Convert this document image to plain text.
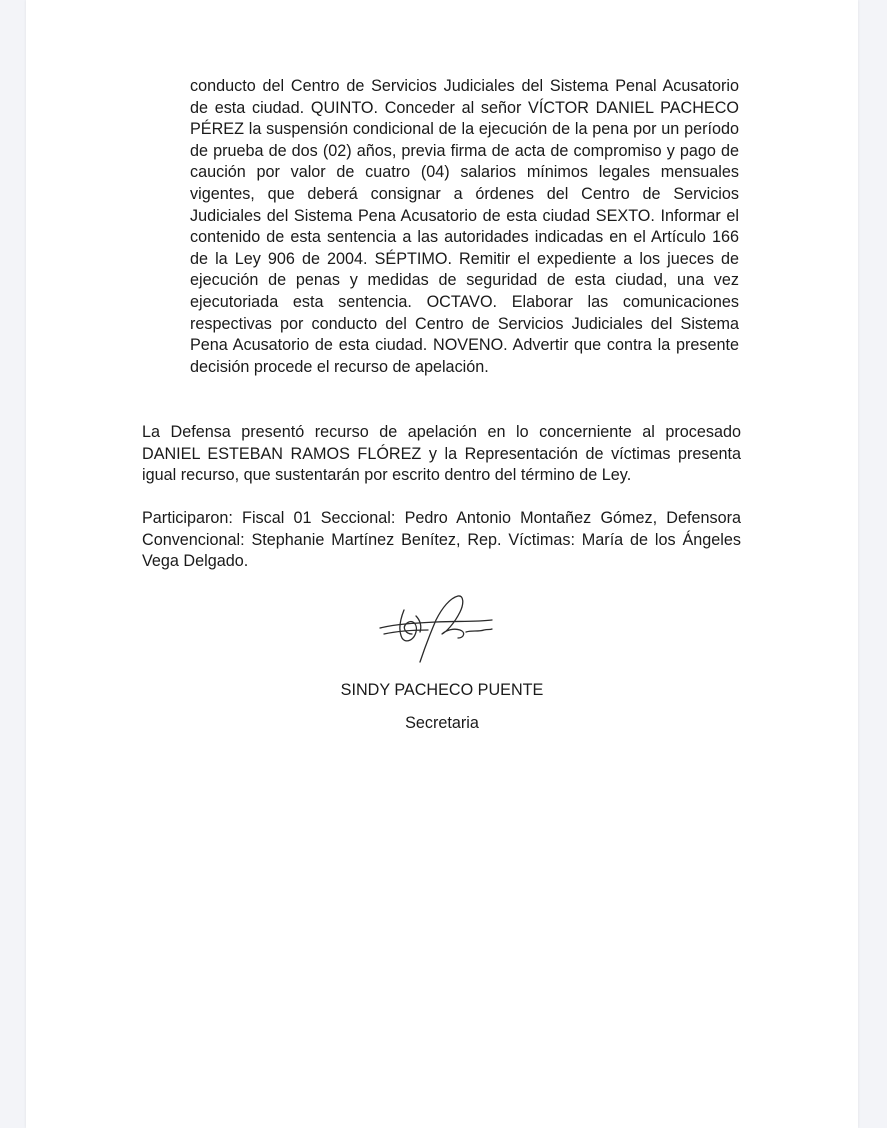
conducto del Centro de Servicios Judiciales del Sistema Penal Acusatorio de esta ciudad. QUINTO. Conceder al señor VÍCTOR DANIEL PACHECO PÉREZ la suspensión condicional de la ejecución de la pena por un período de prueba de dos (02) años, previa firma de acta de compromiso y pago de caución por valor de cuatro (04) salarios mínimos legales mensuales vigentes, que deberá consignar a órdenes del Centro de Servicios Judiciales del Sistema Pena Acusatorio de esta ciudad SEXTO. Informar el contenido de esta sentencia a las autoridades indicadas en el Artículo 166 de la Ley 906 de 2004. SÉPTIMO. Remitir el expediente a los jueces de ejecución de penas y medidas de seguridad de esta ciudad, una vez ejecutoriada esta sentencia. OCTAVO. Elaborar las comunicaciones respectivas por conducto del Centro de Servicios Judiciales del Sistema Pena Acusatorio de esta ciudad. NOVENO. Advertir que contra la presente decisión procede el recurso de apelación.
La Defensa presentó recurso de apelación en lo concerniente al procesado DANIEL ESTEBAN RAMOS FLÓREZ y la Representación de víctimas presenta igual recurso, que sustentarán por escrito dentro del término de Ley.
Participaron: Fiscal 01 Seccional: Pedro Antonio Montañez Gómez, Defensora Convencional: Stephanie Martínez Benítez, Rep. Víctimas: María de los Ángeles Vega Delgado.
SINDY PACHECO PUENTE
Secretaria
